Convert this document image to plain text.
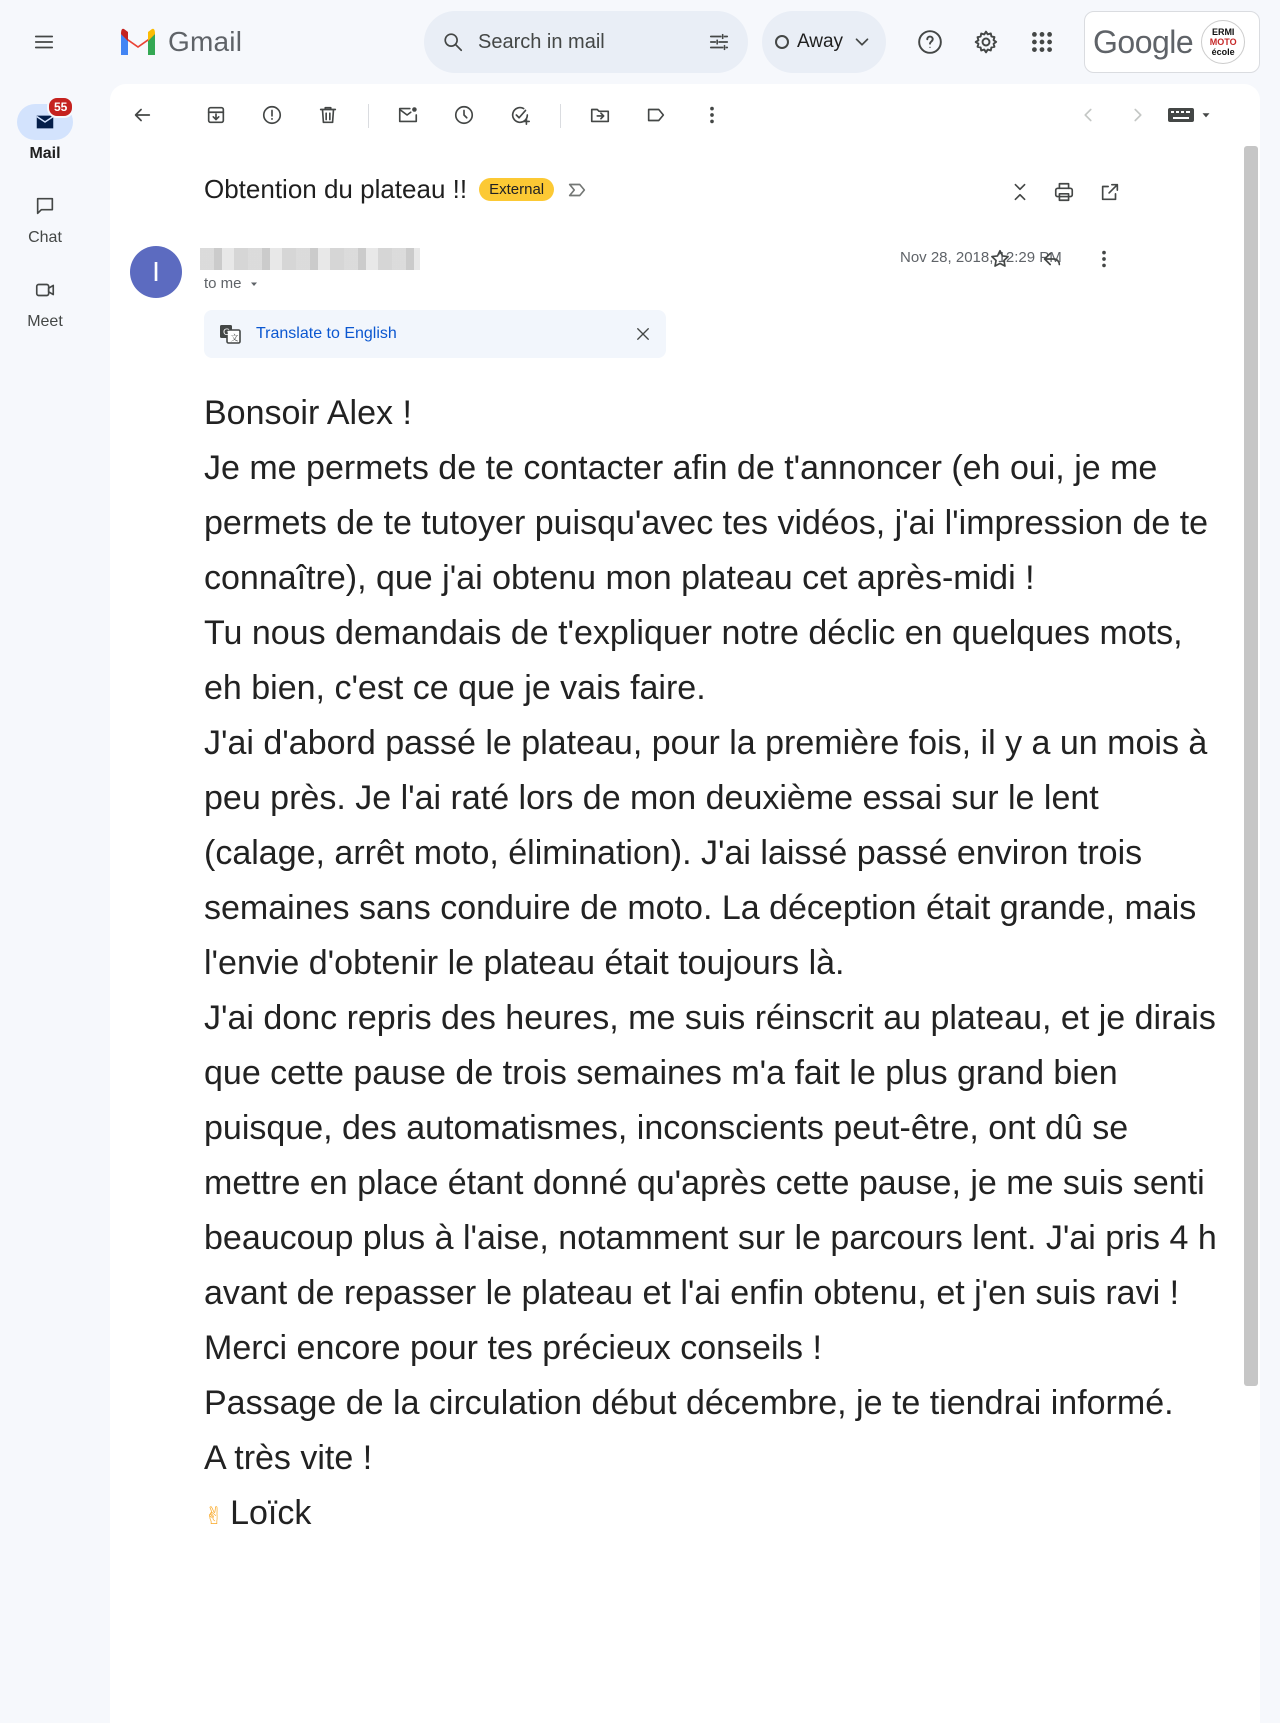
Gmail	Search in mail	Away	Google ERMI
MOTO
école
55
Mail
Chat
Meet
Obtention du plateau !!	External
I	to me
Nov 28, 2018, 12:29 PM
G 文 Translate to English

Bonsoir Alex !

Je me permets de te contacter afin de t'annoncer (eh oui, je me permets de te tutoyer puisqu'avec tes vidéos, j'ai l'impression de te connaître), que j'ai obtenu mon plateau cet après-midi !

Tu nous demandais de t'expliquer notre déclic en quelques mots, eh bien, c'est ce que je vais faire.

J'ai d'abord passé le plateau, pour la première fois, il y a un mois à peu près. Je l'ai raté lors de mon deuxième essai sur le lent (calage, arrêt moto, élimination). J'ai laissé passé environ trois semaines sans conduire de moto. La déception était grande, mais l'envie d'obtenir le plateau était toujours là.

J'ai donc repris des heures, me suis réinscrit au plateau, et je dirais que cette pause de trois semaines m'a fait le plus grand bien puisque, des automatismes, inconscients peut-être, ont dû se mettre en place étant donné qu'après cette pause, je me suis senti beaucoup plus à l'aise, notamment sur le parcours lent. J'ai pris 4 h avant de repasser le plateau et l'ai enfin obtenu, et j'en suis ravi ! Merci encore pour tes précieux conseils !

Passage de la circulation début décembre, je te tiendrai informé.

A très vite !

✌ Loïck
